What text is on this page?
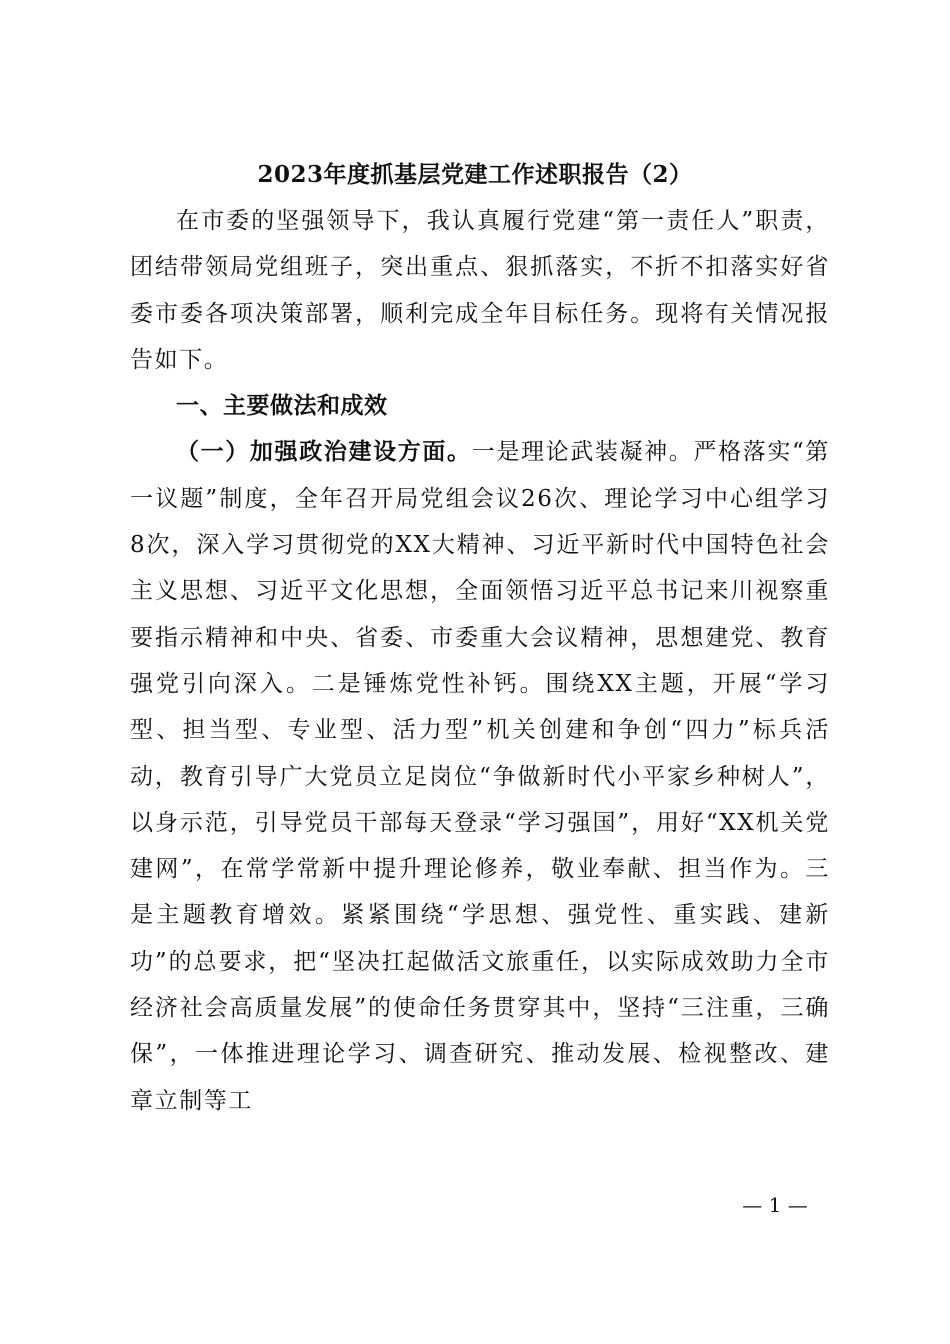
2023年度抓基层党建工作述职报告（2）

在市委的坚强领导下，我认真履行党建“第一责任人”职责，团结带领局党组班子，突出重点、狠抓落实，不折不扣落实好省委市委各项决策部署，顺利完成全年目标任务。现将有关情况报告如下。

一、主要做法和成效

（一）加强政治建设方面。一是理论武装凝神。严格落实“第一议题”制度，全年召开局党组会议26次、理论学习中心组学习8次，深入学习贯彻党的XX大精神、习近平新时代中国特色社会主义思想、习近平文化思想，全面领悟习近平总书记来川视察重要指示精神和中央、省委、市委重大会议精神，思想建党、教育强党引向深入。二是锤炼党性补钙。围绕XX主题，开展“学习型、担当型、专业型、活力型”机关创建和争创“四力”标兵活动，教育引导广大党员立足岗位“争做新时代小平家乡种树人”，以身示范，引导党员干部每天登录“学习强国”，用好“XX机关党建网”，在常学常新中提升理论修养，敬业奉献、担当作为。三是主题教育增效。紧紧围绕“学思想、强党性、重实践、建新功”的总要求，把“坚决扛起做活文旅重任，以实际成效助力全市经济社会高质量发展”的使命任务贯穿其中，坚持“三注重，三确保”，一体推进理论学习、调查研究、推动发展、检视整改、建章立制等工

— 1 —
